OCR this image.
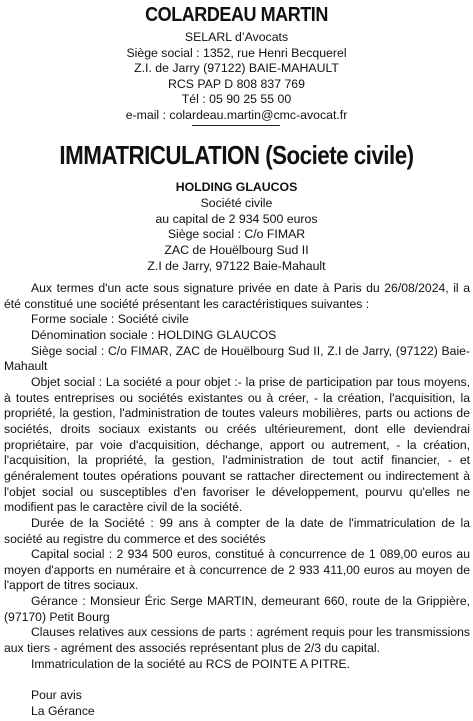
COLARDEAU MARTIN
SELARL d’Avocats
Siège social : 1352, rue Henri Becquerel
Z.I. de Jarry (97122) BAIE-MAHAULT
RCS PAP D 808 837 769
Tél : 05 90 25 55 00
e-mail : colardeau.martin@cmc-avocat.fr
IMMATRICULATION (Societe civile)
HOLDING GLAUCOS
Société civile
au capital de 2 934 500 euros
Siège social : C/o FIMAR
ZAC de Houëlbourg Sud II
Z.I de Jarry, 97122 Baie-Mahault

Aux termes d'un acte sous signature privée en date à Paris du 26/08/2024, il a été constitué une société présentant les caractéristiques suivantes :

Forme sociale : Société civile

Dénomination sociale : HOLDING GLAUCOS

Siège social : C/o FIMAR, ZAC de Houëlbourg Sud II, Z.I de Jarry, (97122) Baie-Mahault

Objet social : La société a pour objet :- la prise de participation par tous moyens, à toutes entreprises ou sociétés existantes ou à créer, - la création, l'acquisition, la propriété, la gestion, l'administration de toutes valeurs mobilières, parts ou actions de sociétés, droits sociaux existants ou créés ultérieurement, dont elle deviendrai propriétaire, par voie d'acquisition, déchange, apport ou autrement, - la création, l'acquisition, la propriété, la gestion, l'administration de tout actif financier, - et généralement toutes opérations pouvant se rattacher directement ou indirectement à l'objet social ou susceptibles d'en favoriser le développement, pourvu qu'elles ne modifient pas le caractère civil de la société.

Durée de la Société : 99 ans à compter de la date de l'immatriculation de la société au registre du commerce et des sociétés

Capital social : 2 934 500 euros, constitué à concurrence de 1 089,00 euros au moyen d'apports en numéraire et à concurrence de 2 933 411,00 euros au moyen de l'apport de titres sociaux.

Gérance : Monsieur Éric Serge MARTIN, demeurant 660, route de la Grippière, (97170) Petit Bourg

Clauses relatives aux cessions de parts : agrément requis pour les transmissions aux tiers - agrément des associés représentant plus de 2/3 du capital.

Immatriculation de la société au RCS de POINTE A PITRE.

Pour avis

La Gérance
